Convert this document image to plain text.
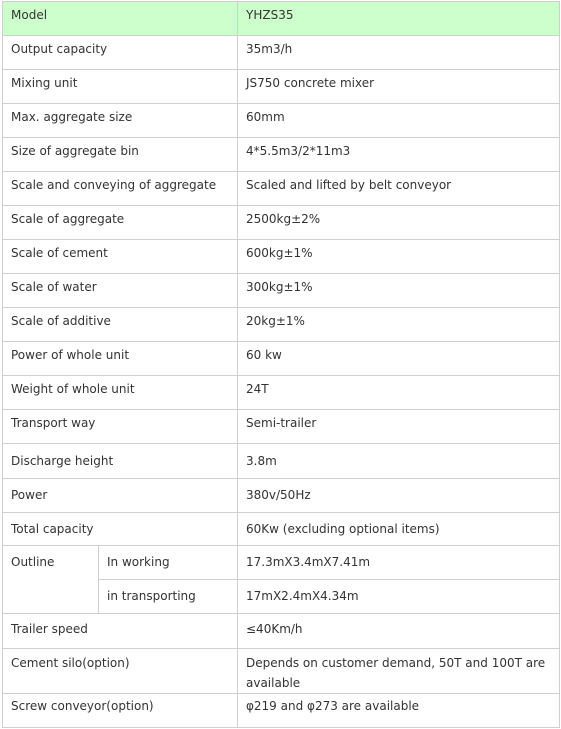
Model		YHZS35
Output capacity		35m3/h
Mixing unit		JS750 concrete mixer
Max. aggregate size		60mm
Size of aggregate bin		4*5.5m3/2*11m3
Scale and conveying of aggregate		Scaled and lifted by belt conveyor
Scale of aggregate		2500kg±2%
Scale of cement		600kg±1%
Scale of water		300kg±1%
Scale of additive		20kg±1%
Power of whole unit		60 kw
Weight of whole unit		24T
Transport way		Semi-trailer
Discharge height		3.8m
Power		380v/50Hz
Total capacity		60Kw (excluding optional items)
Outline	In working	17.3mX3.4mX7.41m
	in transporting	17mX2.4mX4.34m
Trailer speed		≤40Km/h
Cement silo(option)		Depends on customer demand, 50T and 100T are available
Screw conveyor(option)		φ219 and φ273 are available
